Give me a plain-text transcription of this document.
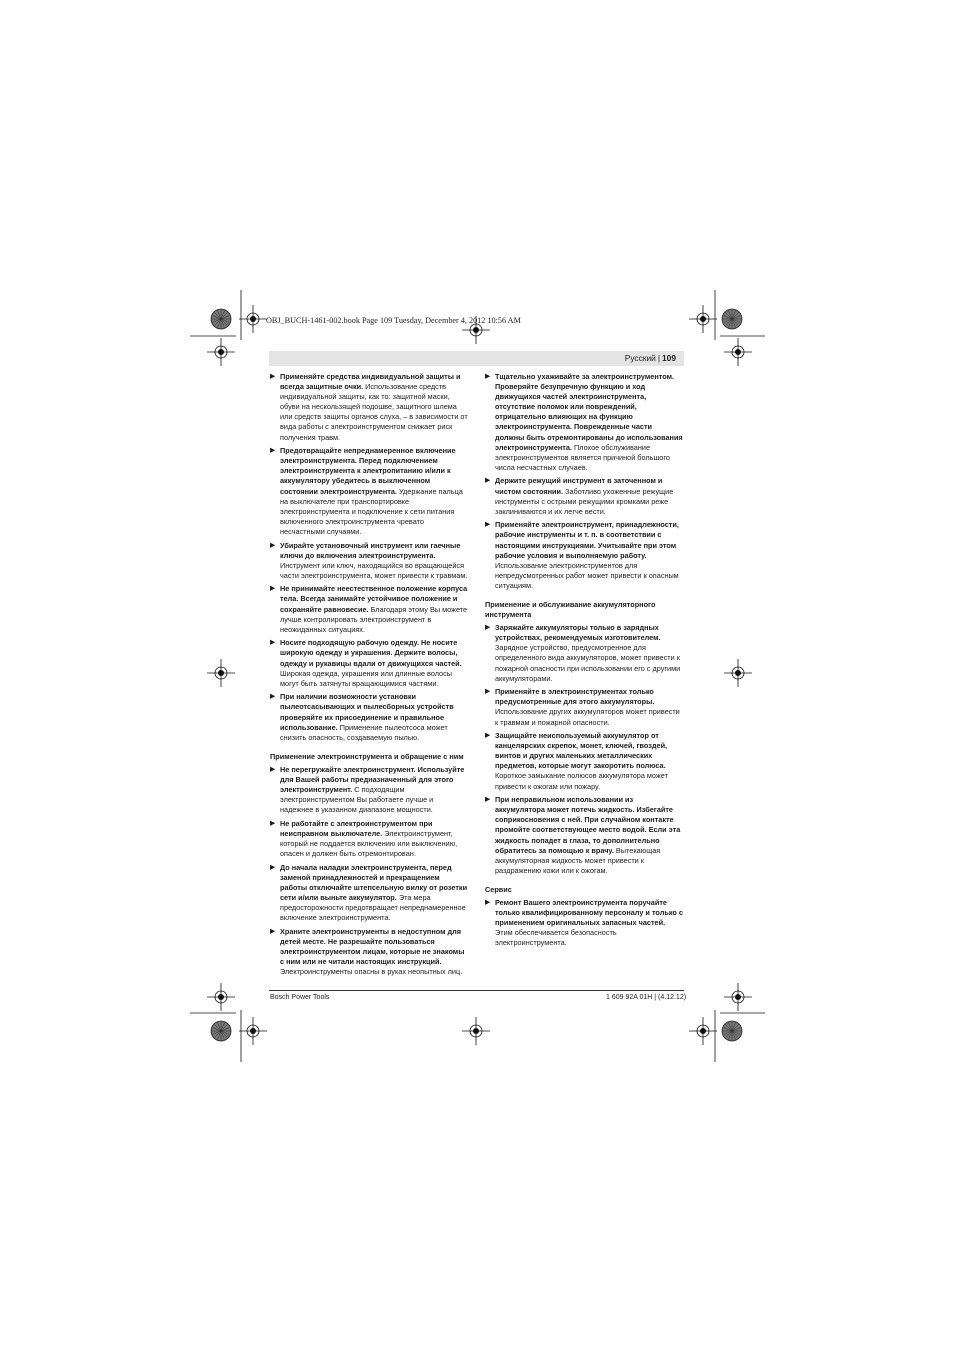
OBJ_BUCH-1461-002.book Page 109 Tuesday, December 4, 2012 10:56 AM
Русский | 109
▶ Применяйте средства индивидуальной защиты и всегда защитные очки. Использование средств индивидуальной защиты, как то: защитной маски, обуви на нескользящей подошве, защитного шлема или средств защиты органов слуха, – в зависимости от вида работы с электроинструментом снижает риск получения травм.
▶ Предотвращайте непреднамеренное включение электроинструмента. Перед подключением электроинструмента к электропитанию и/или к аккумулятору убедитесь в выключенном состоянии электроинструмента. Удержание пальца на выключателе при транспортировке электроинструмента и подключение к сети питания включенного электроинструмента чревато несчастными случаями.
▶ Убирайте установочный инструмент или гаечные ключи до включения электроинструмента. Инструмент или ключ, находящийся во вращающейся части электроинструмента, может привести к травмам.
▶ Не принимайте неестественное положение корпуса тела. Всегда занимайте устойчивое положение и сохраняйте равновесие. Благодаря этому Вы можете лучше контролировать электроинструмент в неожиданных ситуациях.
▶ Носите подходящую рабочую одежду. Не носите широкую одежду и украшения. Держите волосы, одежду и рукавицы вдали от движущихся частей. Широкая одежда, украшения или длинные волосы могут быть затянуты вращающимися частями.
▶ При наличии возможности установки пылеотсасывающих и пылесборных устройств проверяйте их присоединение и правильное использование. Применение пылеотсоса может снизить опасность, создаваемую пылью.
Применение электроинструмента и обращение с ним
▶ Не перегружайте электроинструмент. Используйте для Вашей работы предназначенный для этого электроинструмент. С подходящим электроинструментом Вы работаете лучше и надежнее в указанном диапазоне мощности.
▶ Не работайте с электроинструментом при неисправном выключателе. Электроинструмент, который не поддается включению или выключению, опасен и должен быть отремонтирован.
▶ До начала наладки электроинструмента, перед заменой принадлежностей и прекращением работы отключайте штепсельную вилку от розетки сети и/или выньте аккумулятор. Эта мера предосторожности предотвращает непреднамеренное включение электроинструмента.
▶ Храните электроинструменты в недоступном для детей месте. Не разрешайте пользоваться электроинструментом лицам, которые не знакомы с ним или не читали настоящих инструкций. Электроинструменты опасны в руках неопытных лиц.
▶ Тщательно ухаживайте за электроинструментом. Проверяйте безупречную функцию и ход движущихся частей электроинструмента, отсутствие поломок или повреждений, отрицательно влияющих на функцию электроинструмента. Поврежденные части должны быть отремонтированы до использования электроинструмента. Плохое обслуживание электроинструментов является причиной большого числа несчастных случаев.
▶ Держите режущий инструмент в заточенном и чистом состоянии. Заботливо ухоженные режущие инструменты с острыми режущими кромками реже заклиниваются и их легче вести.
▶ Применяйте электроинструмент, принадлежности, рабочие инструменты и т. п. в соответствии с настоящими инструкциями. Учитывайте при этом рабочие условия и выполняемую работу. Использование электроинструментов для непредусмотренных работ может привести к опасным ситуациям.
Применение и обслуживание аккумуляторного инструмента
▶ Заряжайте аккумуляторы только в зарядных устройствах, рекомендуемых изготовителем. Зарядное устройство, предусмотренное для определенного вида аккумуляторов, может привести к пожарной опасности при использовании его с другими аккумуляторами.
▶ Применяйте в электроинструментах только предусмотренные для этого аккумуляторы. Использование других аккумуляторов может привести к травмам и пожарной опасности.
▶ Защищайте неиспользуемый аккумулятор от канцелярских скрепок, монет, ключей, гвоздей, винтов и других маленьких металлических предметов, которые могут закоротить полюса. Короткое замыкание полюсов аккумулятора может привести к ожогам или пожару.
▶ При неправильном использовании из аккумулятора может потечь жидкость. Избегайте соприкосновения с ней. При случайном контакте промойте соответствующее место водой. Если эта жидкость попадет в глаза, то дополнительно обратитесь за помощью к врачу. Вытекающая аккумуляторная жидкость может привести к раздражению кожи или к ожогам.
Сервис
▶ Ремонт Вашего электроинструмента поручайте только квалифицированному персоналу и только с применением оригинальных запасных частей. Этим обеспечивается безопасность электроинструмента.
Bosch Power Tools	1 609 92A 01H | (4.12.12)
